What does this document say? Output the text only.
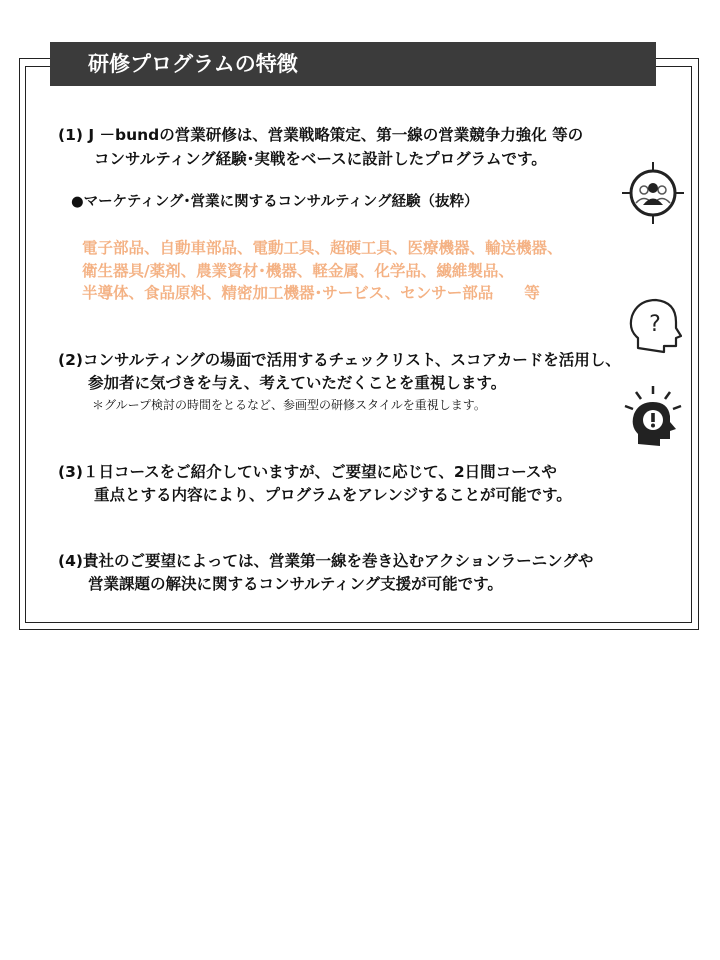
研修プログラムの特徴
(1) J －bundの営業研修は、営業戦略策定、第一線の営業競争力強化 等の
コンサルティング経験･実戦をベースに設計したプログラムです。
●マーケティング･営業に関するコンサルティング経験（抜粋）
電子部品、自動車部品、電動工具、超硬工具、医療機器、輸送機器、
衛生器具/薬剤、農業資材･機器、軽金属、化学品、繊維製品、
半導体、食品原料、精密加工機器･サービス、センサー部品　　等
(2)コンサルティングの場面で活用するチェックリスト、スコアカードを活用し、
参加者に気づきを与え、考えていただくことを重視します。
＊グループ検討の時間をとるなど、参画型の研修スタイルを重視します。
(3)１日コースをご紹介していますが、ご要望に応じて、2日間コースや
重点とする内容により、プログラムをアレンジすることが可能です。
(4)貴社のご要望によっては、営業第一線を巻き込むアクションラーニングや
営業課題の解決に関するコンサルティング支援が可能です。
?
